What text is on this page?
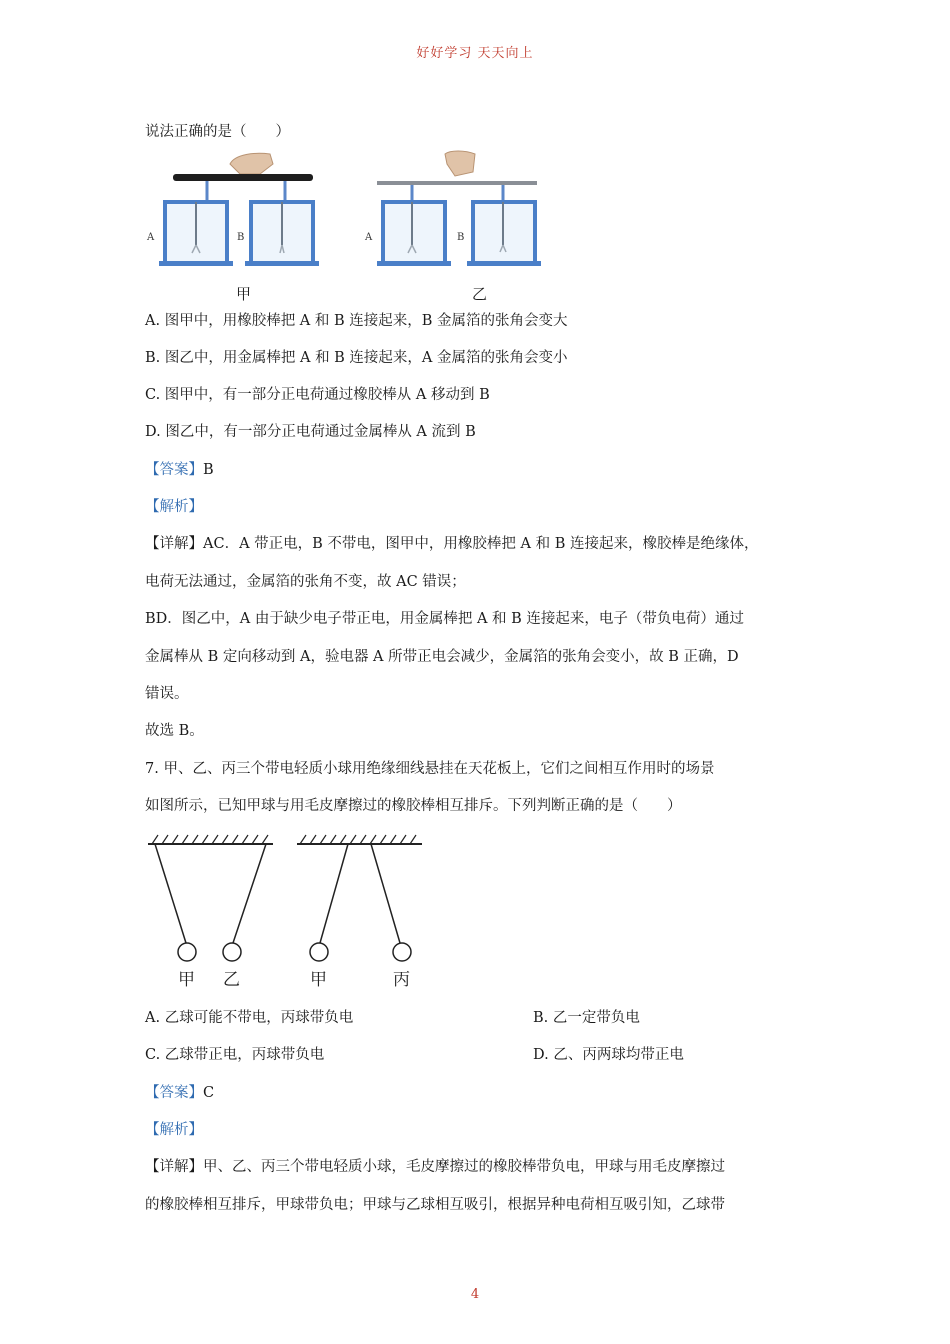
好好学习 天天向上
说法正确的是（　　）
A	B	A	B
甲	乙
A. 图甲中，用橡胶棒把 A 和 B 连接起来，B 金属箔的张角会变大
B. 图乙中，用金属棒把 A 和 B 连接起来，A 金属箔的张角会变小
C. 图甲中，有一部分正电荷通过橡胶棒从 A 移动到 B
D. 图乙中，有一部分正电荷通过金属棒从 A 流到 B
【答案】B
【解析】
【详解】AC．A 带正电，B 不带电，图甲中，用橡胶棒把 A 和 B 连接起来，橡胶棒是绝缘体，
电荷无法通过，金属箔的张角不变，故 AC 错误；
BD．图乙中，A 由于缺少电子带正电，用金属棒把 A 和 B 连接起来，电子（带负电荷）通过
金属棒从 B 定向移动到 A，验电器 A 所带正电会减少，金属箔的张角会变小，故 B 正确，D
错误。
故选 B。
7. 甲、乙、丙三个带电轻质小球用绝缘细线悬挂在天花板上，它们之间相互作用时的场景
如图所示，已知甲球与用毛皮摩擦过的橡胶棒相互排斥。下列判断正确的是（　　）
甲 乙	甲	丙
A. 乙球可能不带电，丙球带负电	B. 乙一定带负电
C. 乙球带正电，丙球带负电	D. 乙、丙两球均带正电
【答案】C
【解析】
【详解】甲、乙、丙三个带电轻质小球，毛皮摩擦过的橡胶棒带负电，甲球与用毛皮摩擦过
的橡胶棒相互排斥，甲球带负电；甲球与乙球相互吸引，根据异种电荷相互吸引知，乙球带
4
